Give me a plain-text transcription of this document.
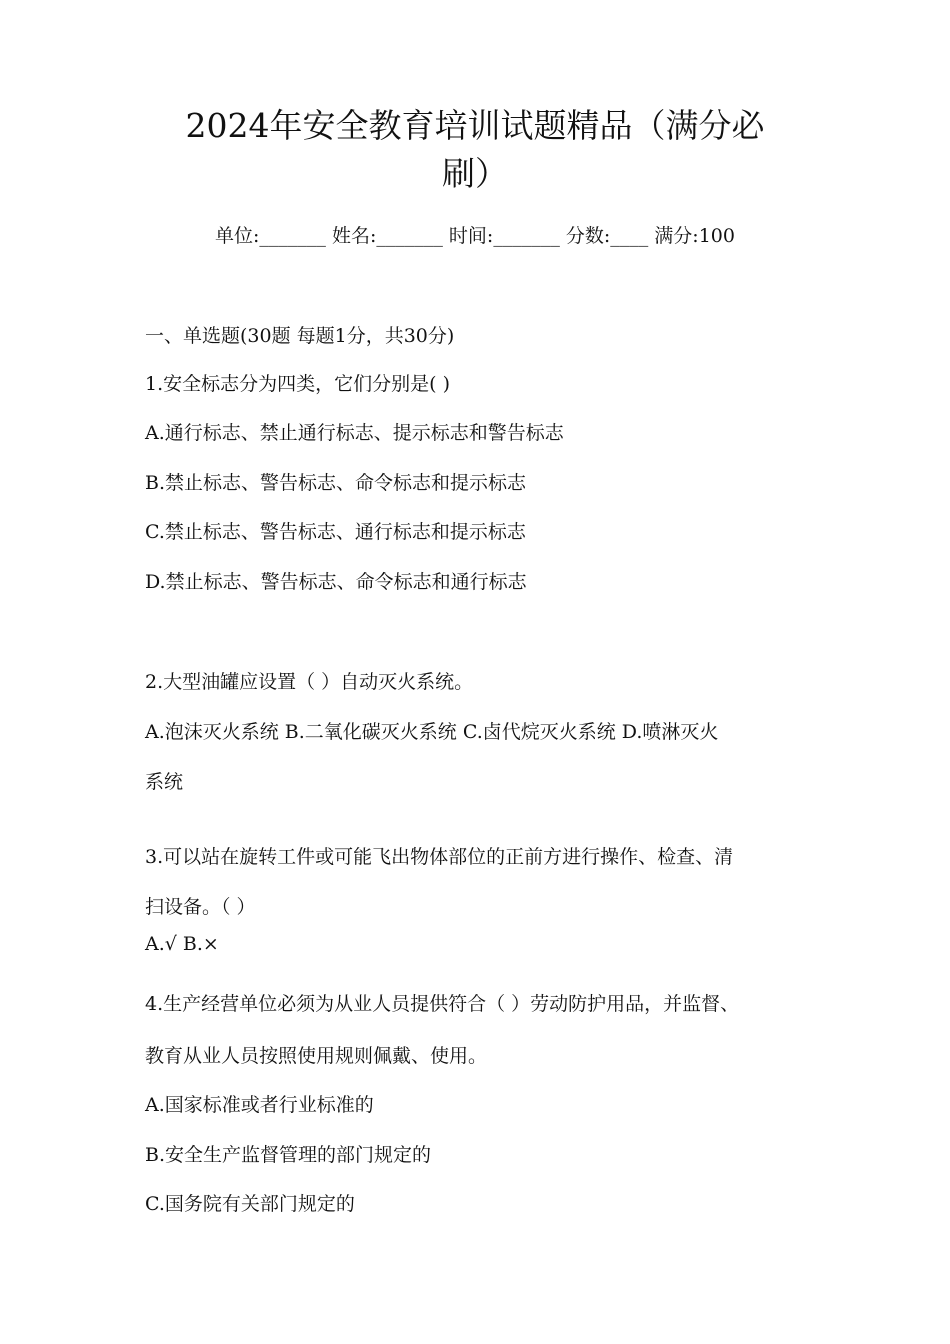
2024年安全教育培训试题精品（满分必
刷）
单位:_______ 姓名:_______ 时间:_______ 分数:____ 满分:100
一、单选题(30题 每题1分，共30分)
1.安全标志分为四类，它们分别是( )
A.通行标志、禁止通行标志、提示标志和警告标志
B.禁止标志、警告标志、命令标志和提示标志
C.禁止标志、警告标志、通行标志和提示标志
D.禁止标志、警告标志、命令标志和通行标志
2.大型油罐应设置（ ）自动灭火系统。
A.泡沫灭火系统 B.二氧化碳灭火系统 C.卤代烷灭火系统 D.喷淋灭火
系统
3.可以站在旋转工件或可能飞出物体部位的正前方进行操作、检查、清
扫设备。（ ）
A.√ B.×
4.生产经营单位必须为从业人员提供符合（ ）劳动防护用品，并监督、
教育从业人员按照使用规则佩戴、使用。
A.国家标准或者行业标准的
B.安全生产监督管理的部门规定的
C.国务院有关部门规定的
